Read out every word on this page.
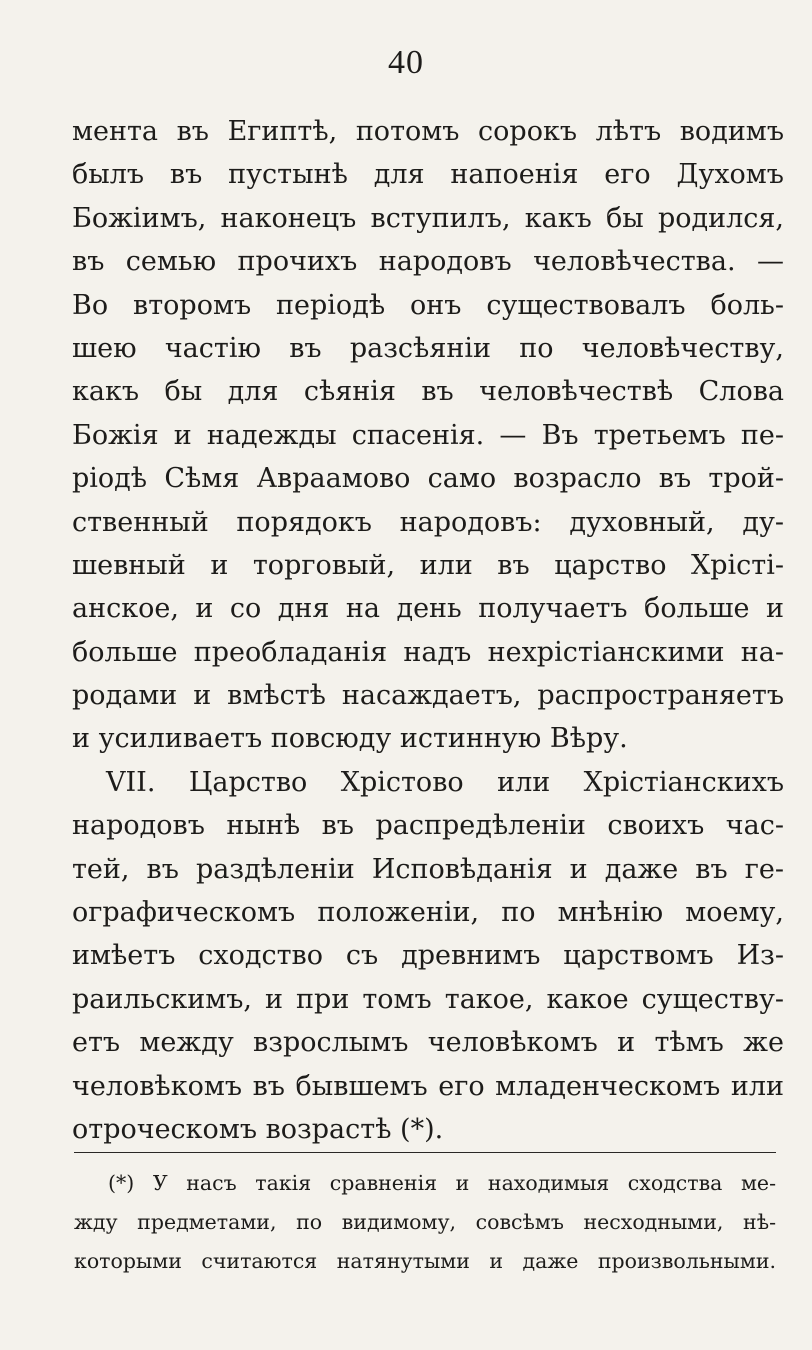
40
мента въ Египтѣ, потомъ сорокъ лѣтъ водимъ
былъ въ пустынѣ для напоенія его Духомъ
Божіимъ, наконецъ вступилъ, какъ бы родился,
въ семью прочихъ народовъ человѣчества. —
Во второмъ періодѣ онъ существовалъ боль-
шею частію въ разсѣяніи по человѣчеству,
какъ бы для сѣянія въ человѣчествѣ Слова
Божія и надежды спасенія. — Въ третьемъ пе-
ріодѣ Сѣмя Авраамово само возрасло въ трой-
ственный порядокъ народовъ: духовный, ду-
шевный и торговый, или въ царство Хрісті-
анское, и со дня на день получаетъ больше и
больше преобладанія надъ нехрістіанскими на-
родами и вмѣстѣ насаждаетъ, распространяетъ
и усиливаетъ повсюду истинную Вѣру.
VII. Царство Хрістово или Хрістіанскихъ
народовъ нынѣ въ распредѣленіи своихъ час-
тей, въ раздѣленіи Исповѣданія и даже въ ге-
ографическомъ положеніи, по мнѣнію моему,
имѣетъ сходство съ древнимъ царствомъ Из-
раильскимъ, и при томъ такое, какое существу-
етъ между взрослымъ человѣкомъ и тѣмъ же
человѣкомъ въ бывшемъ его младенческомъ или
отроческомъ возрастѣ (*).
(*) У насъ такія сравненія и находимыя сходства ме-
жду предметами, по видимому, совсѣмъ несходными, нѣ-
которыми считаются натянутыми и даже произвольными.
